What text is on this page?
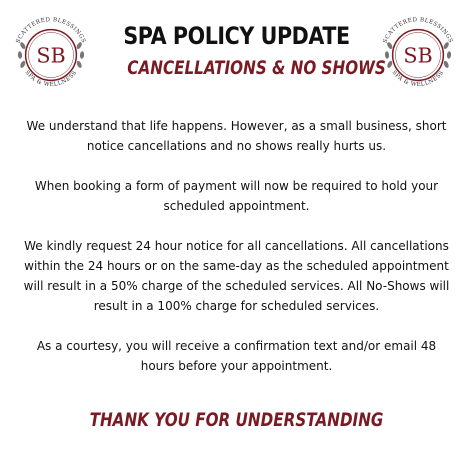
SCATTERED BLESSINGS
SPA & WELLNESS
SB
SCATTERED BLESSINGS
SPA & WELLNESS
SB
SPA POLICY UPDATE
CANCELLATIONS & NO SHOWS

We understand that life happens. However, as a small business, short notice cancellations and no shows really hurts us.

When booking a form of payment will now be required to hold your scheduled appointment.

We kindly request 24 hour notice for all cancellations. All cancellations within the 24 hours or on the same-day as the scheduled appointment will result in a 50% charge of the scheduled services. All No-Shows will result in a 100% charge for scheduled services.

As a courtesy, you will receive a confirmation text and/or email 48 hours before your appointment.

THANK YOU FOR UNDERSTANDING
